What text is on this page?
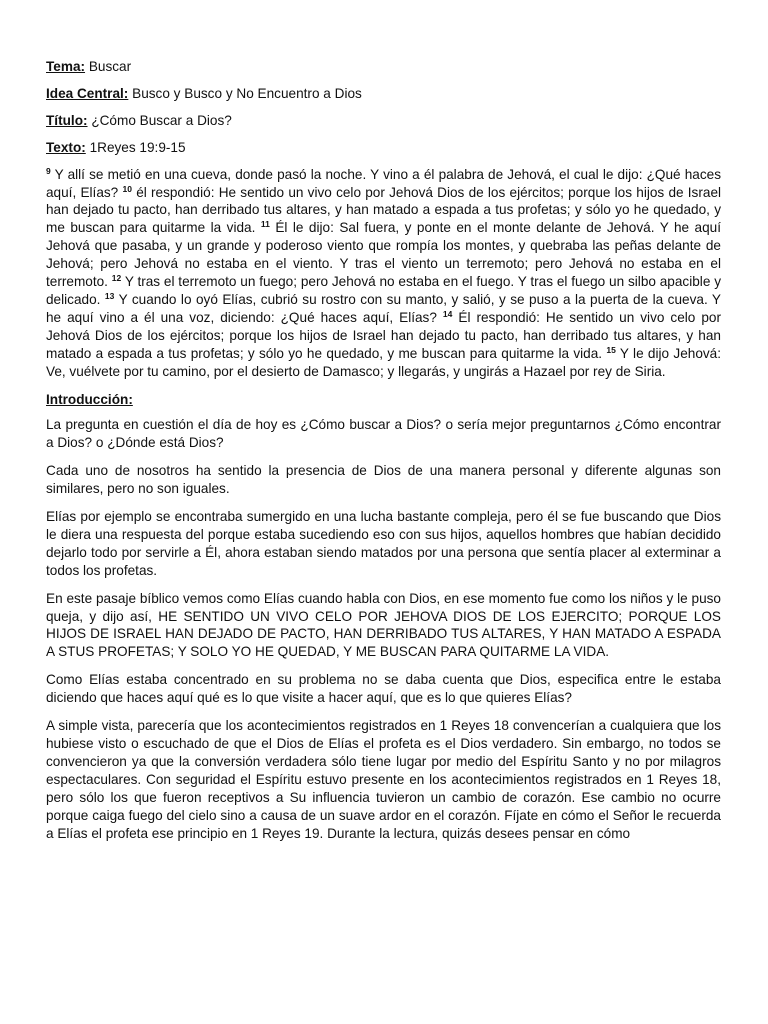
Tema: Buscar
Idea Central: Busco y Busco y No Encuentro a Dios
Título: ¿Cómo Buscar a Dios?
Texto: 1Reyes 19:9-15

$^9$ Y allí se metió en una cueva, donde pasó la noche. Y vino a él palabra de Jehová, el cual le dijo: ¿Qué haces aquí, Elías? $^{10}$ él respondió: He sentido un vivo celo por Jehová Dios de los ejércitos; porque los hijos de Israel han dejado tu pacto, han derribado tus altares, y han matado a espada a tus profetas; y sólo yo he quedado, y me buscan para quitarme la vida. $^{11}$ Él le dijo: Sal fuera, y ponte en el monte delante de Jehová. Y he aquí Jehová que pasaba, y un grande y poderoso viento que rompía los montes, y quebraba las peñas delante de Jehová; pero Jehová no estaba en el viento. Y tras el viento un terremoto; pero Jehová no estaba en el terremoto. $^{12}$ Y tras el terremoto un fuego; pero Jehová no estaba en el fuego. Y tras el fuego un silbo apacible y delicado. $^{13}$ Y cuando lo oyó Elías, cubrió su rostro con su manto, y salió, y se puso a la puerta de la cueva. Y he aquí vino a él una voz, diciendo: ¿Qué haces aquí, Elías? $^{14}$ Él respondió: He sentido un vivo celo por Jehová Dios de los ejércitos; porque los hijos de Israel han dejado tu pacto, han derribado tus altares, y han matado a espada a tus profetas; y sólo yo he quedado, y me buscan para quitarme la vida. $^{15}$ Y le dijo Jehová: Ve, vuélvete por tu camino, por el desierto de Damasco; y llegarás, y ungirás a Hazael por rey de Siria.

Introducción:

La pregunta en cuestión el día de hoy es ¿Cómo buscar a Dios? o sería mejor preguntarnos ¿Cómo encontrar a Dios? o ¿Dónde está Dios?

Cada uno de nosotros ha sentido la presencia de Dios de una manera personal y diferente algunas son similares, pero no son iguales.

Elías por ejemplo se encontraba sumergido en una lucha bastante compleja, pero él se fue buscando que Dios le diera una respuesta del porque estaba sucediendo eso con sus hijos, aquellos hombres que habían decidido dejarlo todo por servirle a Él, ahora estaban siendo matados por una persona que sentía placer al exterminar a todos los profetas.

En este pasaje bíblico vemos como Elías cuando habla con Dios, en ese momento fue como los niños y le puso queja, y dijo así, HE SENTIDO UN VIVO CELO POR JEHOVA DIOS DE LOS EJERCITO; PORQUE LOS HIJOS DE ISRAEL HAN DEJADO DE PACTO, HAN DERRIBADO TUS ALTARES, Y HAN MATADO A ESPADA A STUS PROFETAS; Y SOLO YO HE QUEDAD, Y ME BUSCAN PARA QUITARME LA VIDA.

Como Elías estaba concentrado en su problema no se daba cuenta que Dios, especifica entre le estaba diciendo que haces aquí qué es lo que visite a hacer aquí, que es lo que quieres Elías?

A simple vista, parecería que los acontecimientos registrados en 1 Reyes 18 convencerían a cualquiera que los hubiese visto o escuchado de que el Dios de Elías el profeta es el Dios verdadero. Sin embargo, no todos se convencieron ya que la conversión verdadera sólo tiene lugar por medio del Espíritu Santo y no por milagros espectaculares. Con seguridad el Espíritu estuvo presente en los acontecimientos registrados en 1 Reyes 18, pero sólo los que fueron receptivos a Su influencia tuvieron un cambio de corazón. Ese cambio no ocurre porque caiga fuego del cielo sino a causa de un suave ardor en el corazón. Fíjate en cómo el Señor le recuerda a Elías el profeta ese principio en 1 Reyes 19. Durante la lectura, quizás desees pensar en cómo
